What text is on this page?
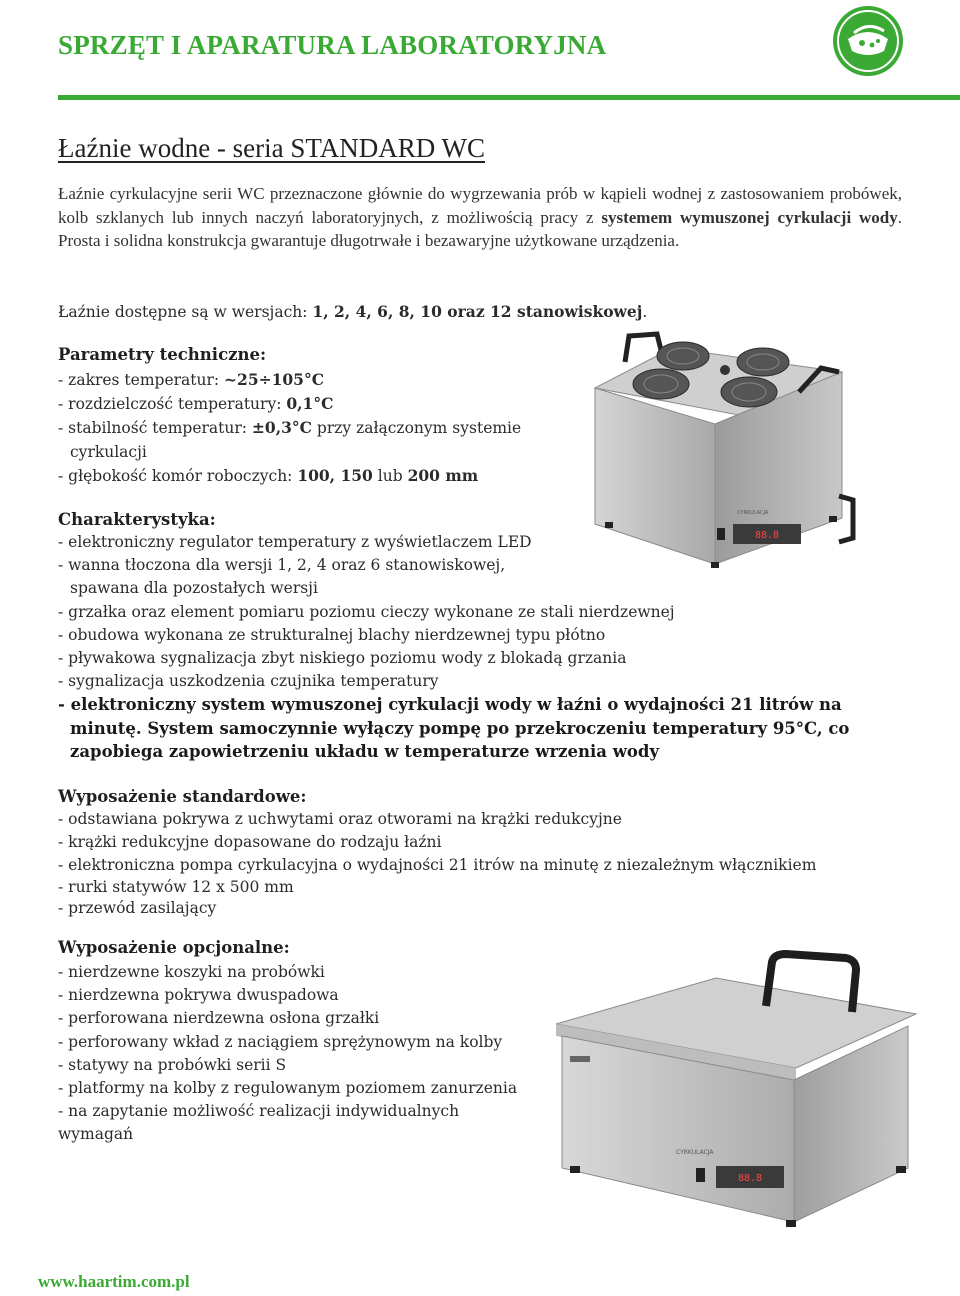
SPRZĘT I APARATURA LABORATORYJNA
Łaźnie wodne - seria STANDARD WC
Łaźnie cyrkulacyjne serii WC przeznaczone głównie do wygrzewania prób w kąpieli wodnej z zastosowaniem probówek, kolb szklanych lub innych naczyń laboratoryjnych, z możliwością pracy z systemem wymuszonej cyrkulacji wody. Prosta i solidna konstrukcja gwarantuje długotrwałe i bezawaryjne użytkowane urządzenia.
Łaźnie dostępne są w wersjach: 1, 2, 4, 6, 8, 10 oraz 12 stanowiskowej.
88.8
CYRKULACJA
Parametry techniczne:
- zakres temperatur: ~25÷105°C
- rozdzielczość temperatury: 0,1°C
- stabilność temperatur: ±0,3°C przy załączonym systemie
cyrkulacji
- głębokość komór roboczych: 100, 150 lub 200 mm
Charakterystyka:
- elektroniczny regulator temperatury z wyświetlaczem LED
- wanna tłoczona dla wersji 1, 2, 4 oraz 6 stanowiskowej,
spawana dla pozostałych wersji
- grzałka oraz element pomiaru poziomu cieczy wykonane ze stali nierdzewnej
- obudowa wykonana ze strukturalnej blachy nierdzewnej typu płótno
- pływakowa sygnalizacja zbyt niskiego poziomu wody z blokadą grzania
- sygnalizacja uszkodzenia czujnika temperatury
- elektroniczny system wymuszonej cyrkulacji wody w łaźni o wydajności 21 litrów na
minutę. System samoczynnie wyłączy pompę po przekroczeniu temperatury 95°C, co
zapobiega zapowietrzeniu układu w temperaturze wrzenia wody
Wyposażenie standardowe:
- odstawiana pokrywa z uchwytami oraz otworami na krążki redukcyjne
- krążki redukcyjne dopasowane do rodzaju łaźni
- elektroniczna pompa cyrkulacyjna o wydajności 21 itrów na minutę z niezależnym włącznikiem
- rurki statywów 12 x 500 mm
- przewód zasilający
Wyposażenie opcjonalne:
- nierdzewne koszyki na probówki
- nierdzewna pokrywa dwuspadowa
- perforowana nierdzewna osłona grzałki
- perforowany wkład z naciągiem sprężynowym na kolby
- statywy na probówki serii S
- platformy na kolby z regulowanym poziomem zanurzenia
- na zapytanie możliwość realizacji indywidualnych
wymagań
88.8
CYRKULACJA
www.haartim.com.pl
